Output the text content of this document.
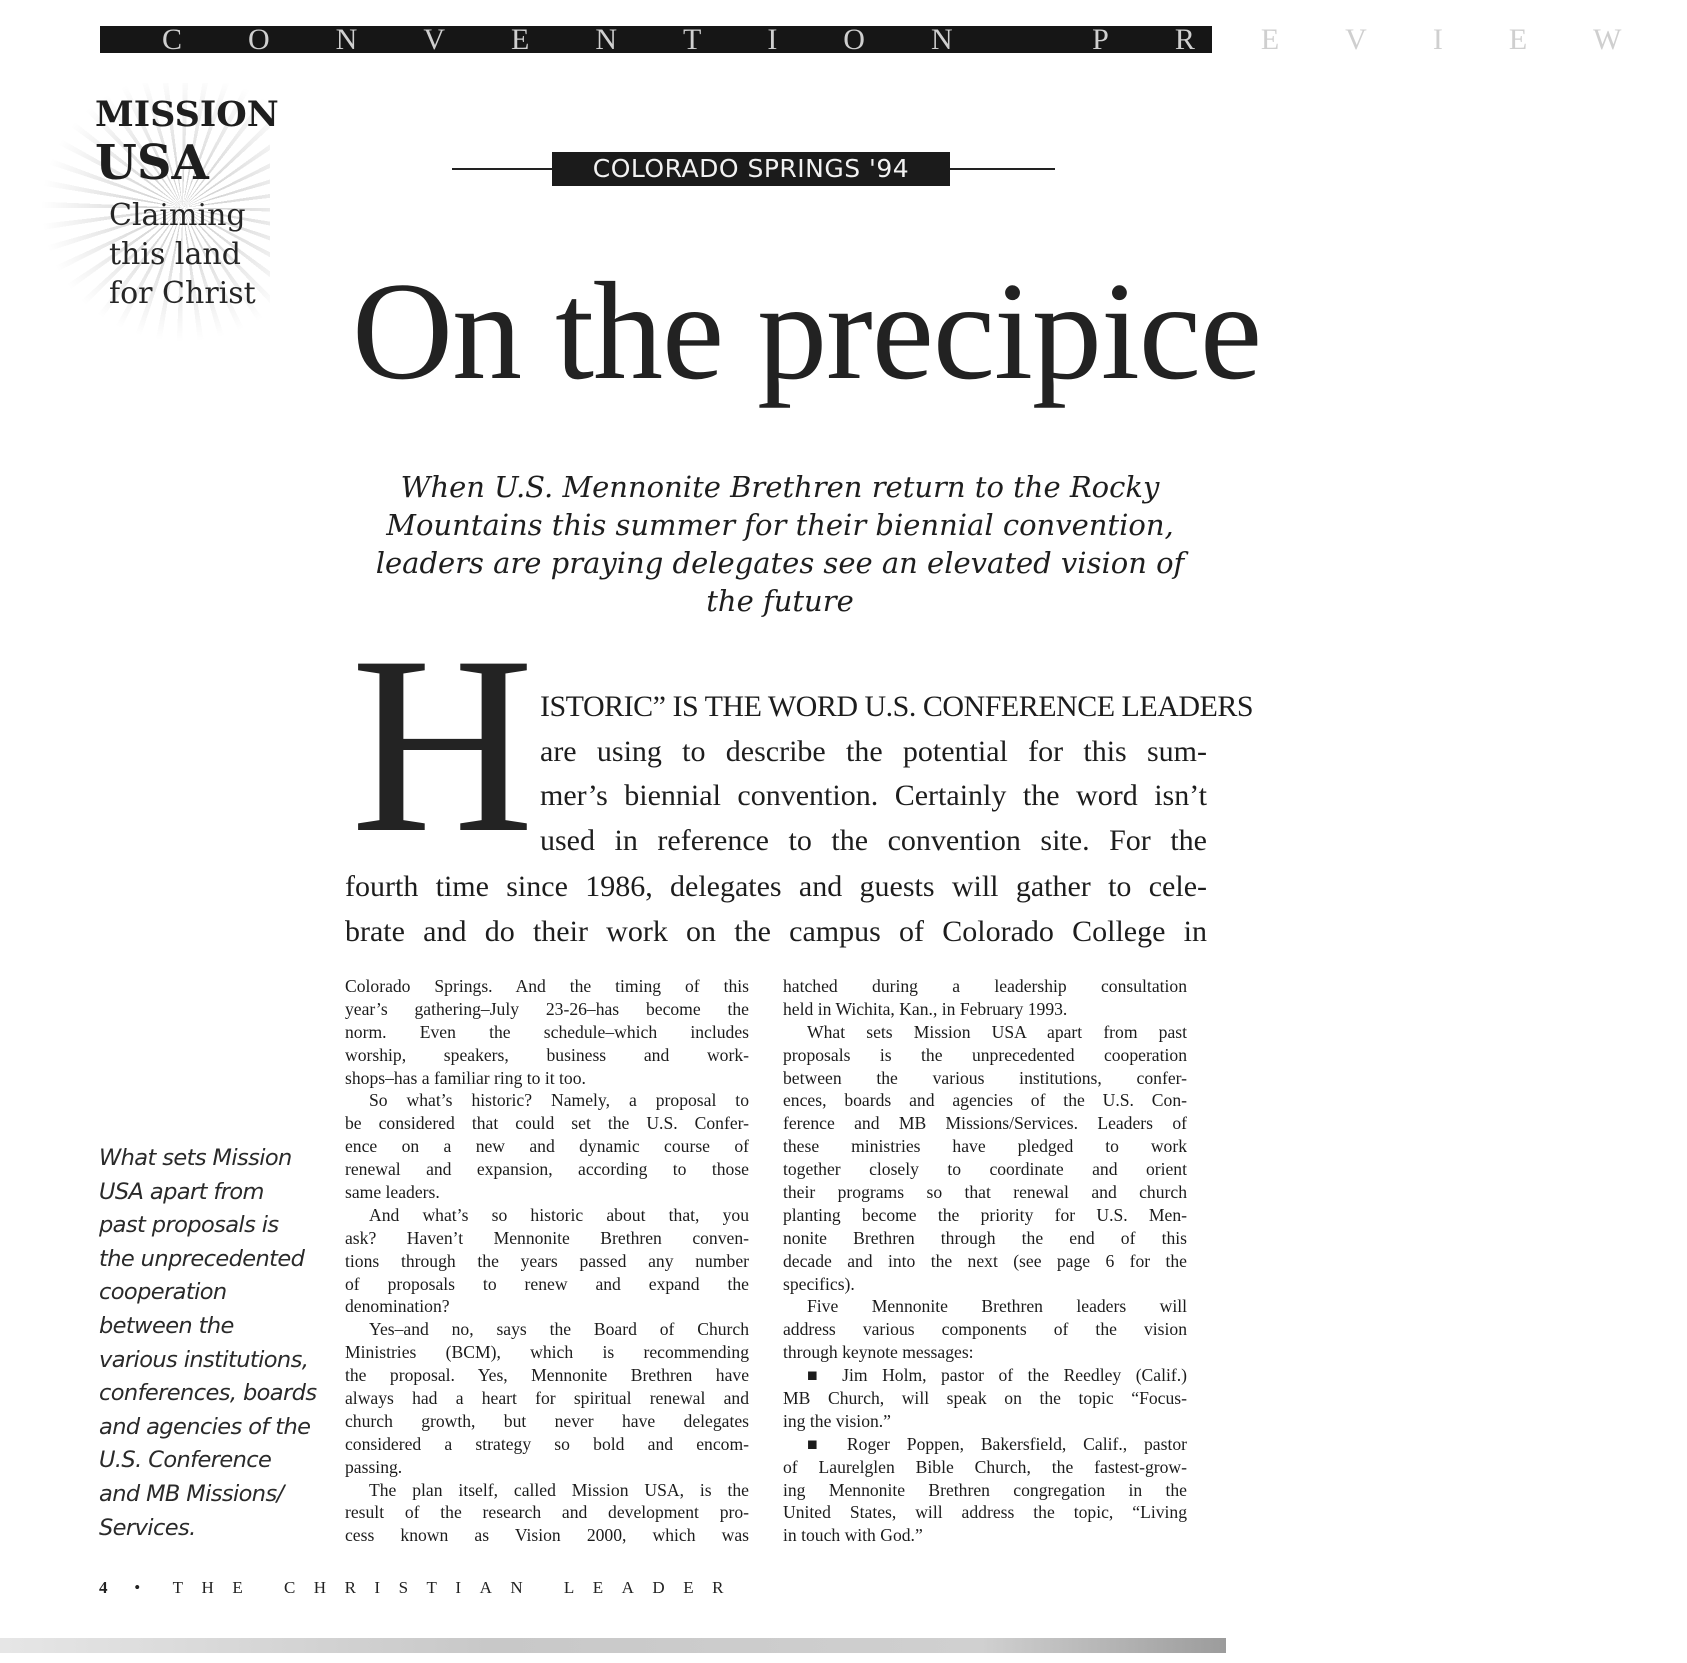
CONVENTION PREVIEW
MISSION
USA
Claiming
this land
for Christ
COLORADO SPRINGS '94
On the precipice
When U.S. Mennonite Brethren return to the Rocky Mountains this summer for their biennial convention, leaders are praying delegates see an elevated vision of the future
H ISTORIC” IS THE WORD U.S. CONFERENCE LEADERS
are using to describe the potential for this sum-
mer’s biennial convention. Certainly the word isn’t
used in reference to the convention site. For the
fourth time since 1986, delegates and guests will gather to cele-
brate and do their work on the campus of Colorado College in
Colorado Springs. And the timing of this
year’s gathering–July 23-26–has become the
norm. Even the schedule–which includes
worship, speakers, business and work-
shops–has a familiar ring to it too.
So what’s historic? Namely, a proposal to
be considered that could set the U.S. Confer-
ence on a new and dynamic course of
renewal and expansion, according to those
same leaders.
And what’s so historic about that, you
ask? Haven’t Mennonite Brethren conven-
tions through the years passed any number
of proposals to renew and expand the
denomination?
Yes–and no, says the Board of Church
Ministries (BCM), which is recommending
the proposal. Yes, Mennonite Brethren have
always had a heart for spiritual renewal and
church growth, but never have delegates
considered a strategy so bold and encom-
passing.
The plan itself, called Mission USA, is the
result of the research and development pro-
cess known as Vision 2000, which was
hatched during a leadership consultation
held in Wichita, Kan., in February 1993.
What sets Mission USA apart from past
proposals is the unprecedented cooperation
between the various institutions, confer-
ences, boards and agencies of the U.S. Con-
ference and MB Missions/Services. Leaders of
these ministries have pledged to work
together closely to coordinate and orient
their programs so that renewal and church
planting become the priority for U.S. Men-
nonite Brethren through the end of this
decade and into the next (see page 6 for the
specifics).
Five Mennonite Brethren leaders will
address various components of the vision
through keynote messages:
■ Jim Holm, pastor of the Reedley (Calif.)
MB Church, will speak on the topic “Focus-
ing the vision.”
■ Roger Poppen, Bakersfield, Calif., pastor
of Laurelglen Bible Church, the fastest-grow-
ing Mennonite Brethren congregation in the
United States, will address the topic, “Living
in touch with God.”
What sets Mission
USA apart from
past proposals is
the unprecedented
cooperation
between the
various institutions,
conferences, boards
and agencies of the
U.S. Conference
and MB Missions/
Services.
4 • THE CHRISTIAN LEADER
